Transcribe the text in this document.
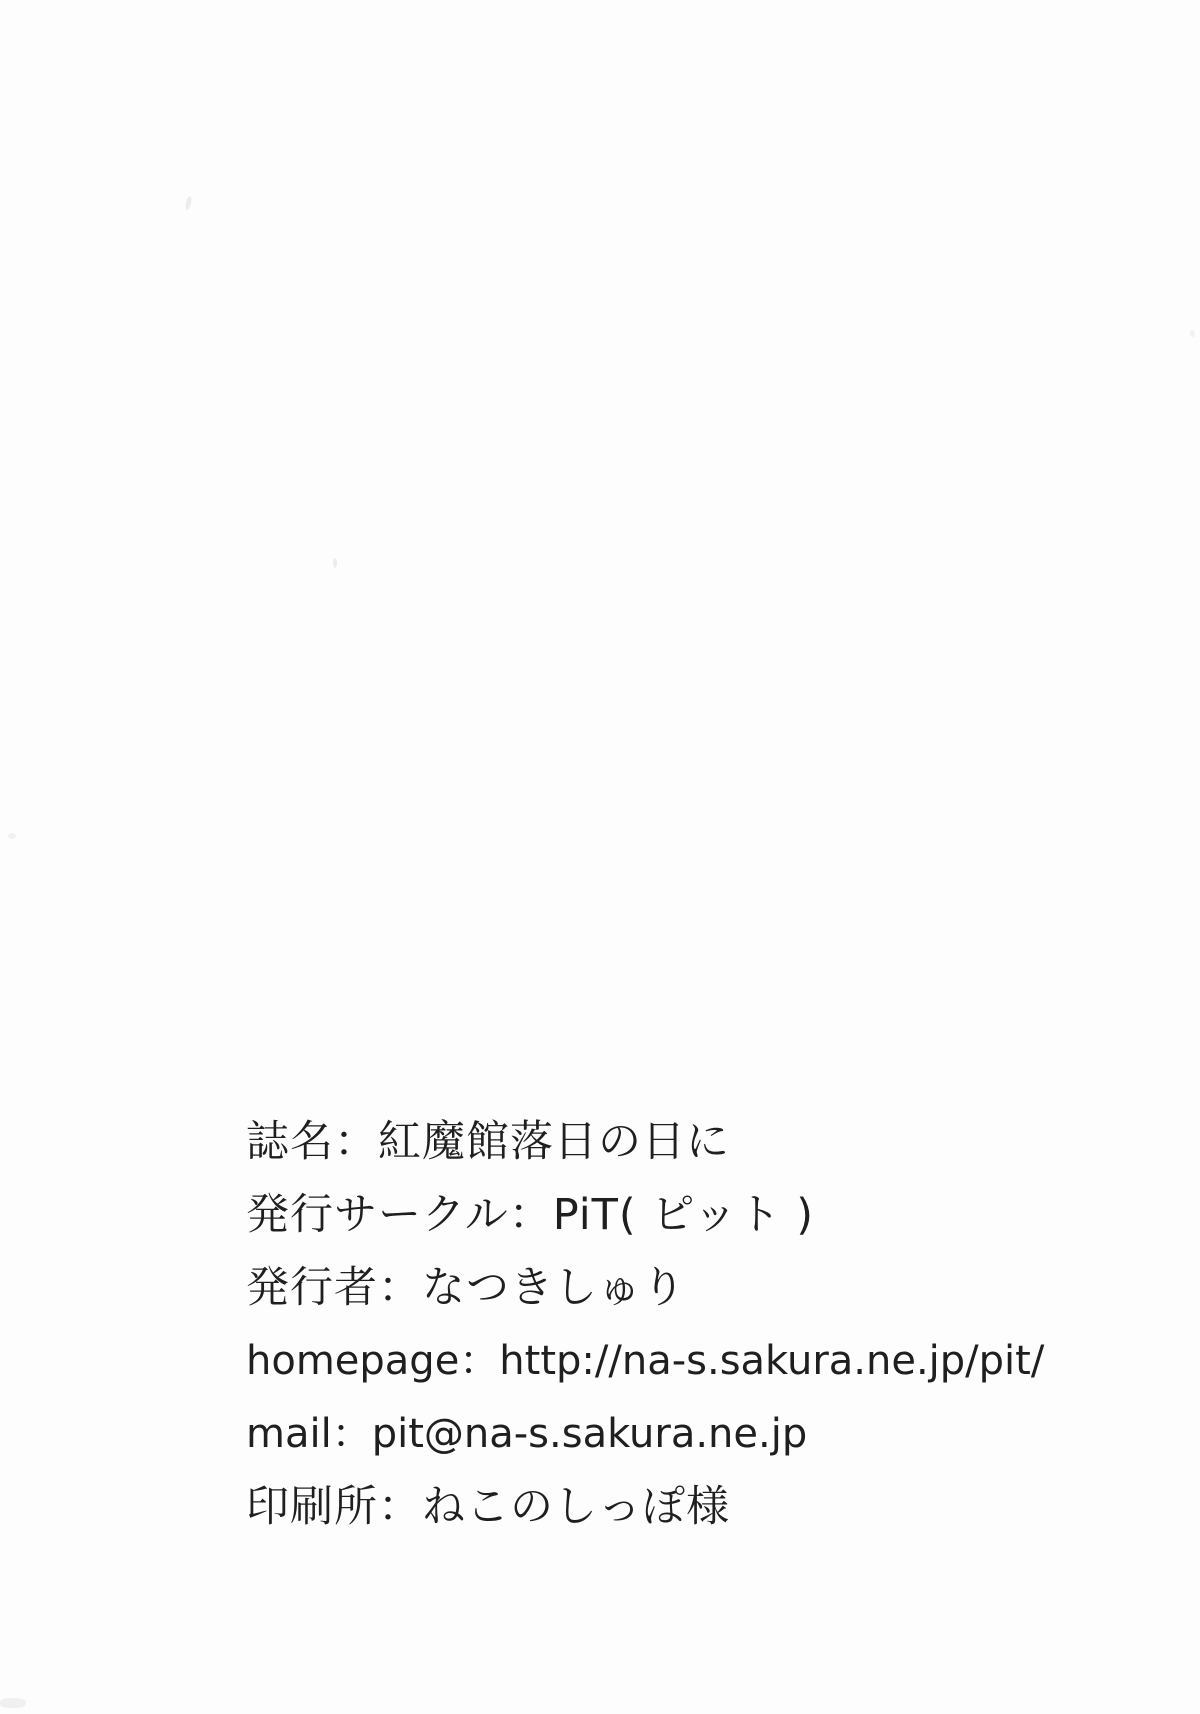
誌名：紅魔館落日の日に

発行サークル：PiT( ピット )

発行者：なつきしゅり

homepage：http://na-s.sakura.ne.jp/pit/

mail：pit@na-s.sakura.ne.jp

印刷所：ねこのしっぽ様
